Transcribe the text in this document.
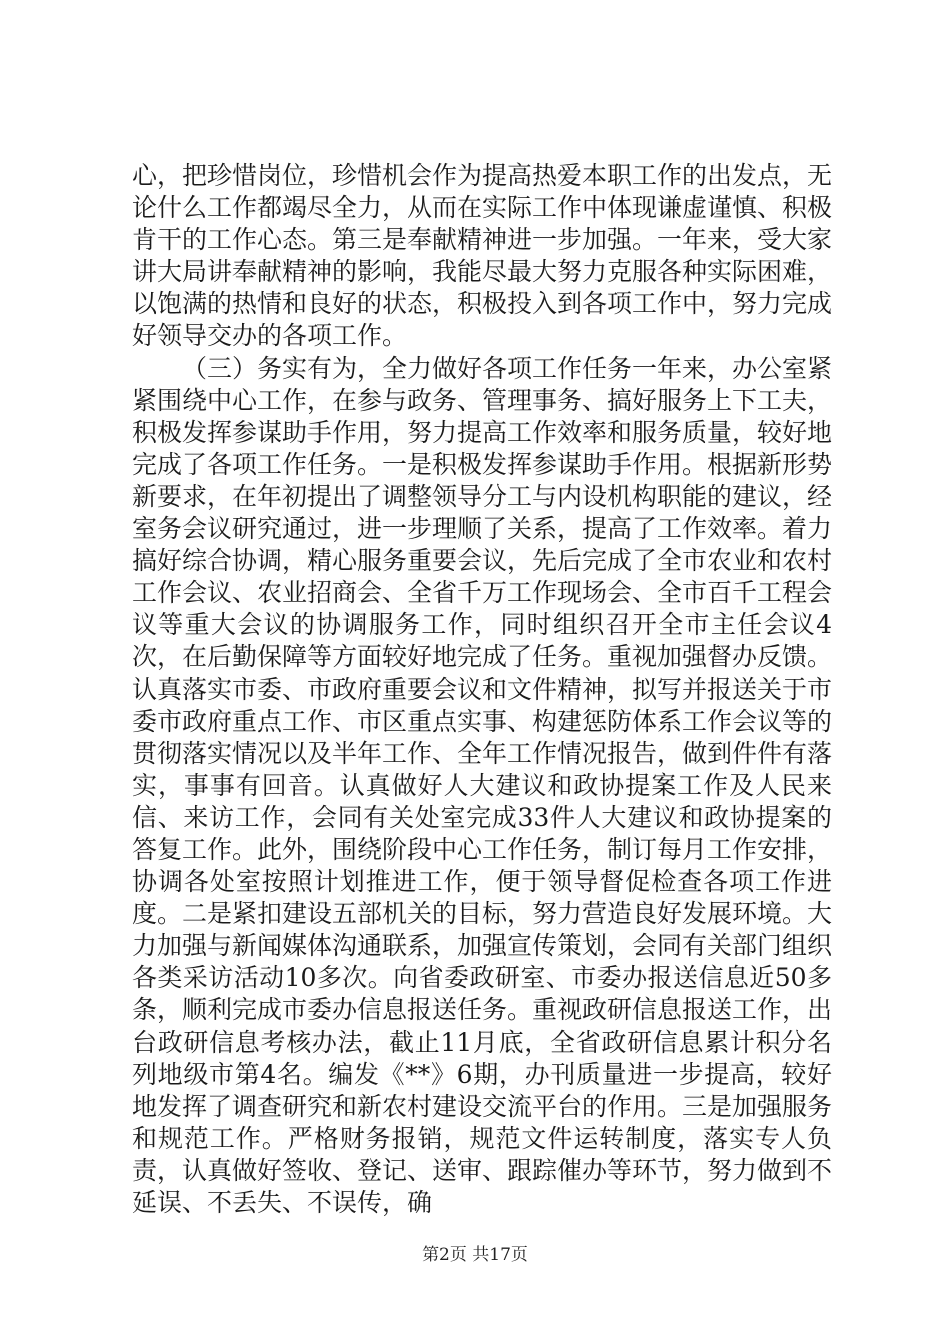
心，把珍惜岗位，珍惜机会作为提高热爱本职工作的出发点，无论什么工作都竭尽全力，从而在实际工作中体现谦虚谨慎、积极肯干的工作心态。第三是奉献精神进一步加强。一年来，受大家讲大局讲奉献精神的影响，我能尽最大努力克服各种实际困难，以饱满的热情和良好的状态，积极投入到各项工作中，努力完成好领导交办的各项工作。

（三）务实有为，全力做好各项工作任务一年来，办公室紧紧围绕中心工作，在参与政务、管理事务、搞好服务上下工夫，积极发挥参谋助手作用，努力提高工作效率和服务质量，较好地完成了各项工作任务。一是积极发挥参谋助手作用。根据新形势新要求，在年初提出了调整领导分工与内设机构职能的建议，经室务会议研究通过，进一步理顺了关系，提高了工作效率。着力搞好综合协调，精心服务重要会议，先后完成了全市农业和农村工作会议、农业招商会、全省千万工作现场会、全市百千工程会议等重大会议的协调服务工作，同时组织召开全市主任会议4次，在后勤保障等方面较好地完成了任务。重视加强督办反馈。认真落实市委、市政府重要会议和文件精神，拟写并报送关于市委市政府重点工作、市区重点实事、构建惩防体系工作会议等的贯彻落实情况以及半年工作、全年工作情况报告，做到件件有落实，事事有回音。认真做好人大建议和政协提案工作及人民来信、来访工作，会同有关处室完成33件人大建议和政协提案的答复工作。此外，围绕阶段中心工作任务，制订每月工作安排，协调各处室按照计划推进工作，便于领导督促检查各项工作进度。二是紧扣建设五部机关的目标，努力营造良好发展环境。大力加强与新闻媒体沟通联系，加强宣传策划，会同有关部门组织各类采访活动10多次。向省委政研室、市委办报送信息近50多条，顺利完成市委办信息报送任务。重视政研信息报送工作，出台政研信息考核办法，截止11月底，全省政研信息累计积分名列地级市第4名。编发《**》6期，办刊质量进一步提高，较好地发挥了调查研究和新农村建设交流平台的作用。三是加强服务和规范工作。严格财务报销，规范文件运转制度，落实专人负责，认真做好签收、登记、送审、跟踪催办等环节，努力做到不延误、不丢失、不误传，确

第2页 共17页
